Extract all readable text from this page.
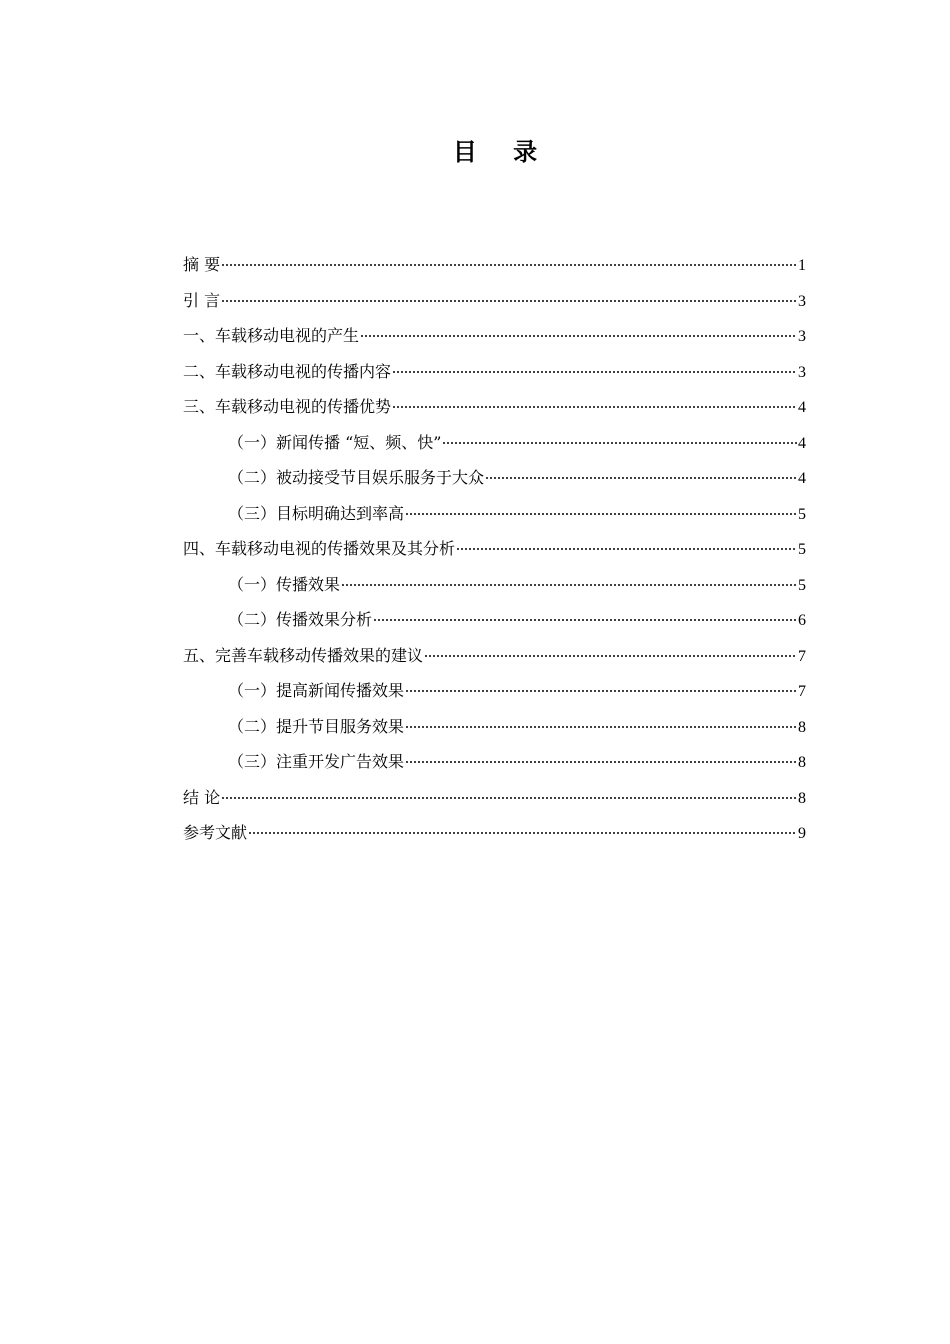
目 录
摘 要	1
引 言	3
一、车载移动电视的产生	3
二、车载移动电视的传播内容	3
三、车载移动电视的传播优势	4
（一）新闻传播 “短、频、快”	4
（二）被动接受节目娱乐服务于大众	4
（三）目标明确达到率高	5
四、车载移动电视的传播效果及其分析	5
（一）传播效果	5
（二）传播效果分析	6
五、完善车载移动传播效果的建议	7
（一）提高新闻传播效果	7
（二）提升节目服务效果	8
（三）注重开发广告效果	8
结 论	8
参考文献	9
